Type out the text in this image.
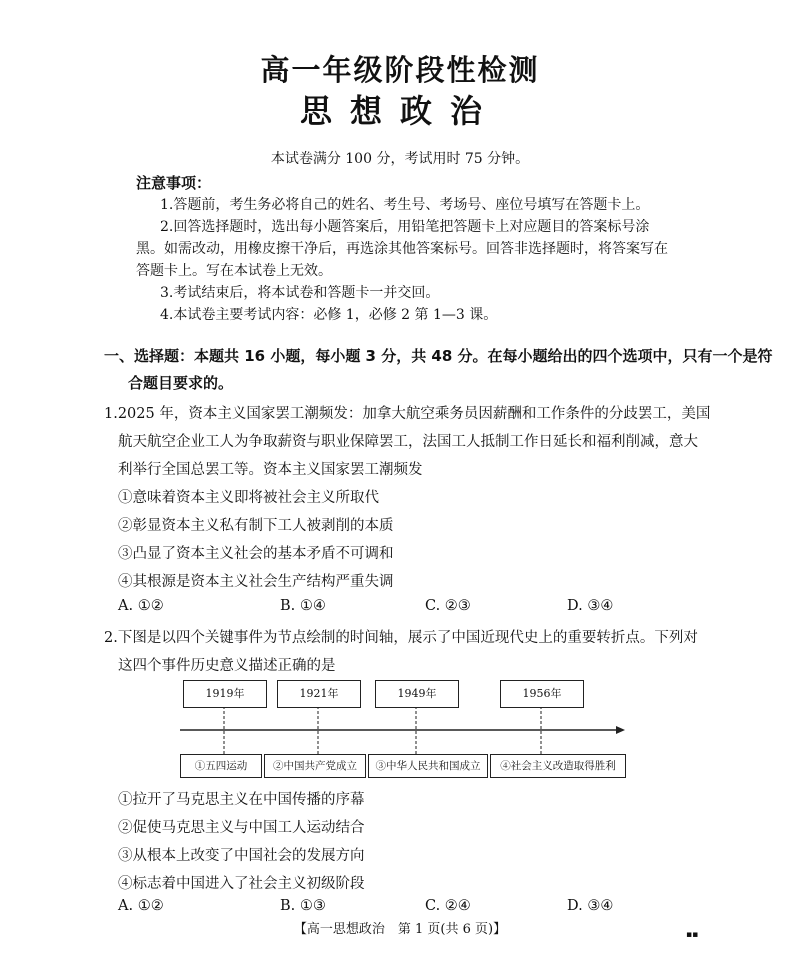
高一年级阶段性检测
思想政治
本试卷满分 100 分，考试用时 75 分钟。
注意事项：
1.答题前，考生务必将自己的姓名、考生号、考场号、座位号填写在答题卡上。
2.回答选择题时，选出每小题答案后，用铅笔把答题卡上对应题目的答案标号涂
黑。如需改动，用橡皮擦干净后，再选涂其他答案标号。回答非选择题时，将答案写在
答题卡上。写在本试卷上无效。
3.考试结束后，将本试卷和答题卡一并交回。
4.本试卷主要考试内容：必修 1，必修 2 第 1—3 课。
一、选择题：本题共 16 小题，每小题 3 分，共 48 分。在每小题给出的四个选项中，只有一个是符
合题目要求的。
1.2025 年，资本主义国家罢工潮频发：加拿大航空乘务员因薪酬和工作条件的分歧罢工，美国
航天航空企业工人为争取薪资与职业保障罢工，法国工人抵制工作日延长和福利削减，意大
利举行全国总罢工等。资本主义国家罢工潮频发
①意味着资本主义即将被社会主义所取代
②彰显资本主义私有制下工人被剥削的本质
③凸显了资本主义社会的基本矛盾不可调和
④其根源是资本主义社会生产结构严重失调
A. ①②	B. ①④	C. ②③	D. ③④
2.下图是以四个关键事件为节点绘制的时间轴，展示了中国近现代史上的重要转折点。下列对
这四个事件历史意义描述正确的是
1919年	1921年	1949年	1956年
①五四运动	②中国共产党成立	③中华人民共和国成立	④社会主义改造取得胜利
①拉开了马克思主义在中国传播的序幕
②促使马克思主义与中国工人运动结合
③从根本上改变了中国社会的发展方向
④标志着中国进入了社会主义初级阶段
A. ①②	B. ①③	C. ②④	D. ③④
【高一思想政治　第 1 页(共 6 页)】	▪▪
